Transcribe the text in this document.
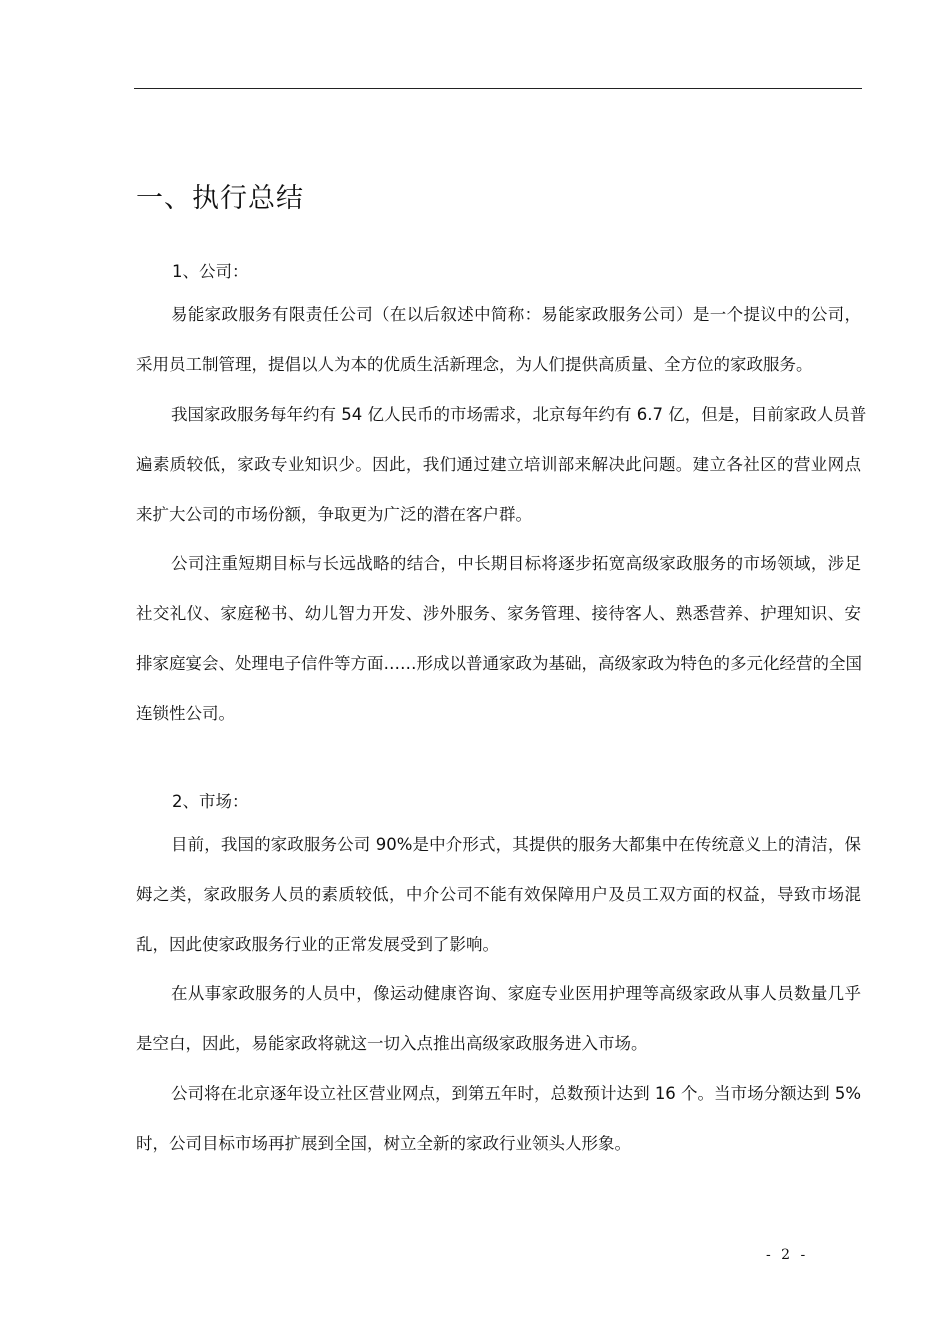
一、执行总结
1、公司：
易能家政服务有限责任公司（在以后叙述中简称：易能家政服务公司）是一个提议中的公司，
采用员工制管理，提倡以人为本的优质生活新理念，为人们提供高质量、全方位的家政服务。
我国家政服务每年约有 54 亿人民币的市场需求，北京每年约有 6.7 亿，但是，目前家政人员普
遍素质较低，家政专业知识少。因此，我们通过建立培训部来解决此问题。建立各社区的营业网点
来扩大公司的市场份额，争取更为广泛的潜在客户群。
公司注重短期目标与长远战略的结合，中长期目标将逐步拓宽高级家政服务的市场领域，涉足
社交礼仪、家庭秘书、幼儿智力开发、涉外服务、家务管理、接待客人、熟悉营养、护理知识、安
排家庭宴会、处理电子信件等方面……形成以普通家政为基础，高级家政为特色的多元化经营的全国
连锁性公司。
2、市场：
目前，我国的家政服务公司 90%是中介形式，其提供的服务大都集中在传统意义上的清洁，保
姆之类，家政服务人员的素质较低，中介公司不能有效保障用户及员工双方面的权益，导致市场混
乱，因此使家政服务行业的正常发展受到了影响。
在从事家政服务的人员中，像运动健康咨询、家庭专业医用护理等高级家政从事人员数量几乎
是空白，因此，易能家政将就这一切入点推出高级家政服务进入市场。
公司将在北京逐年设立社区营业网点，到第五年时，总数预计达到 16 个。当市场分额达到 5%
时，公司目标市场再扩展到全国，树立全新的家政行业领头人形象。
- 2 -
